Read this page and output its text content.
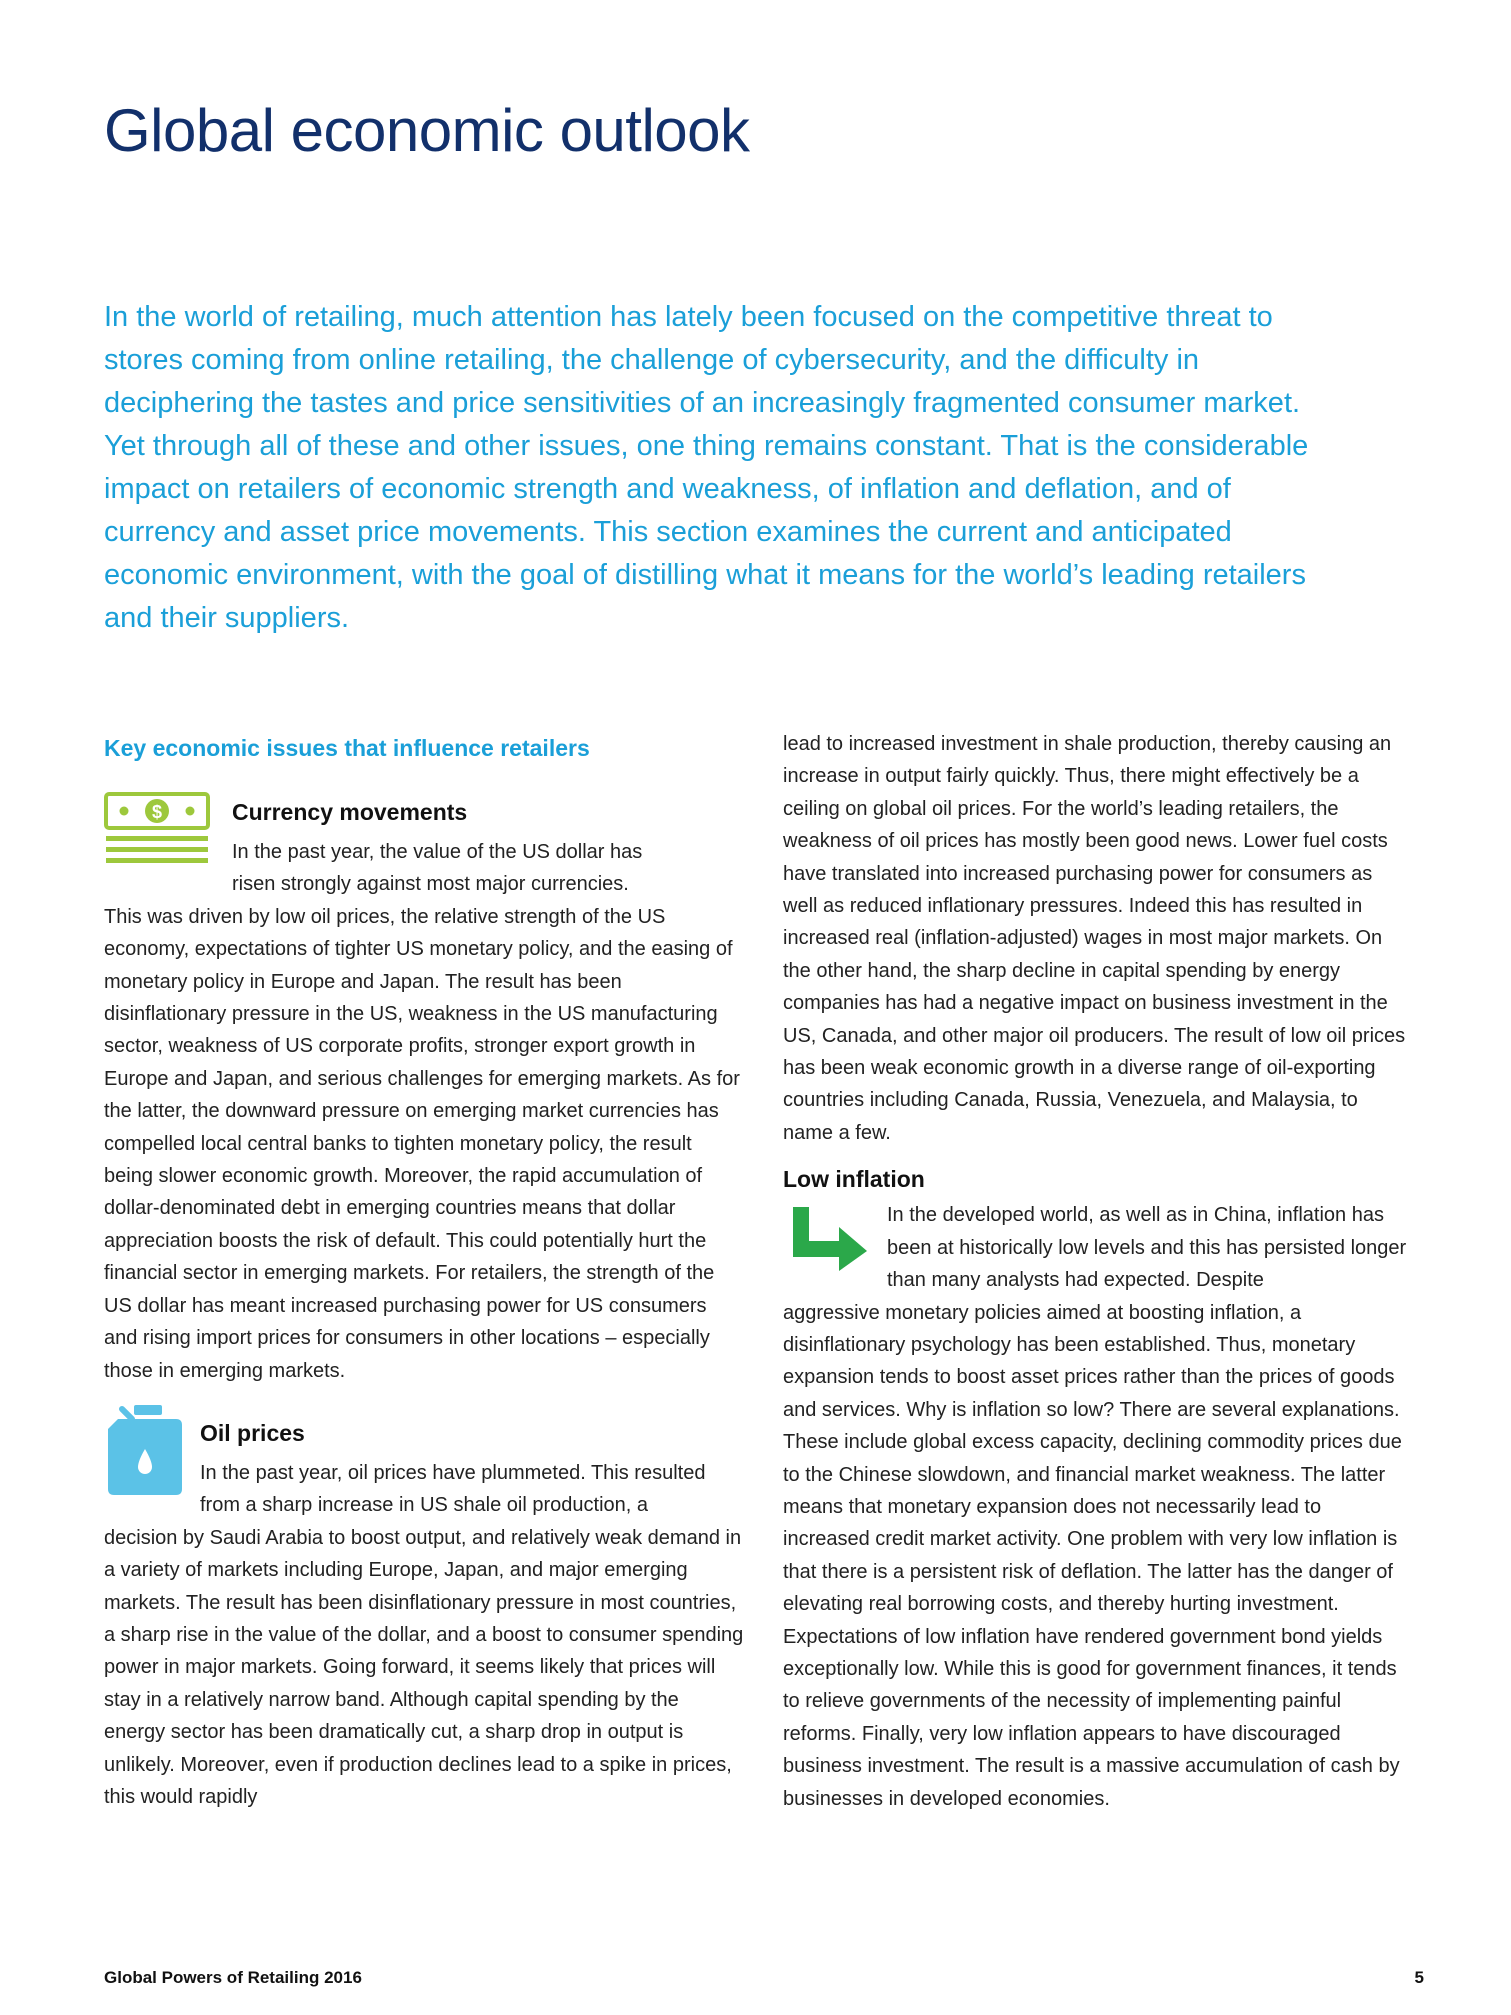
Global economic outlook

In the world of retailing, much attention has lately been focused on the competitive threat to stores coming from online retailing, the challenge of cybersecurity, and the difficulty in deciphering the tastes and price sensitivities of an increasingly fragmented consumer market. Yet through all of these and other issues, one thing remains constant. That is the considerable impact on retailers of economic strength and weakness, of inflation and deflation, and of currency and asset price movements. This section examines the current and anticipated economic environment, with the goal of distilling what it means for the world’s leading retailers and their suppliers.

Key economic issues that influence retailers
$	Currency movements

In the past year, the value of the US dollar has risen strongly against most major currencies.

This was driven by low oil prices, the relative strength of the US economy, expectations of tighter US monetary policy, and the easing of monetary policy in Europe and Japan. The result has been disinflationary pressure in the US, weakness in the US manufacturing sector, weakness of US corporate profits, stronger export growth in Europe and Japan, and serious challenges for emerging markets. As for the latter, the downward pressure on emerging market currencies has compelled local central banks to tighten monetary policy, the result being slower economic growth. Moreover, the rapid accumulation of dollar-denominated debt in emerging countries means that dollar appreciation boosts the risk of default. This could potentially hurt the financial sector in emerging markets. For retailers, the strength of the US dollar has meant increased purchasing power for US consumers and rising import prices for consumers in other locations – especially those in emerging markets.

Oil prices

In the past year, oil prices have plummeted. This resulted from a sharp increase in US shale oil production, a

decision by Saudi Arabia to boost output, and relatively weak demand in a variety of markets including Europe, Japan, and major emerging markets. The result has been disinflationary pressure in most countries, a sharp rise in the value of the dollar, and a boost to consumer spending power in major markets. Going forward, it seems likely that prices will stay in a relatively narrow band. Although capital spending by the energy sector has been dramatically cut, a sharp drop in output is unlikely. Moreover, even if production declines lead to a spike in prices, this would rapidly

lead to increased investment in shale production, thereby causing an increase in output fairly quickly. Thus, there might effectively be a ceiling on global oil prices. For the world’s leading retailers, the weakness of oil prices has mostly been good news. Lower fuel costs have translated into increased purchasing power for consumers as well as reduced inflationary pressures. Indeed this has resulted in increased real (inflation-adjusted) wages in most major markets. On the other hand, the sharp decline in capital spending by energy companies has had a negative impact on business investment in the US, Canada, and other major oil producers. The result of low oil prices has been weak economic growth in a diverse range of oil-exporting countries including Canada, Russia, Venezuela, and Malaysia, to name a few.

Low inflation

In the developed world, as well as in China, inflation has been at historically low levels and this has persisted longer than many analysts had expected. Despite

aggressive monetary policies aimed at boosting inflation, a disinflationary psychology has been established. Thus, monetary expansion tends to boost asset prices rather than the prices of goods and services. Why is inflation so low? There are several explanations. These include global excess capacity, declining commodity prices due to the Chinese slowdown, and financial market weakness. The latter means that monetary expansion does not necessarily lead to increased credit market activity. One problem with very low inflation is that there is a persistent risk of deflation. The latter has the danger of elevating real borrowing costs, and thereby hurting investment. Expectations of low inflation have rendered government bond yields exceptionally low. While this is good for government finances, it tends to relieve governments of the necessity of implementing painful reforms. Finally, very low inflation appears to have discouraged business investment. The result is a massive accumulation of cash by businesses in developed economies.

Global Powers of Retailing 2016	5
